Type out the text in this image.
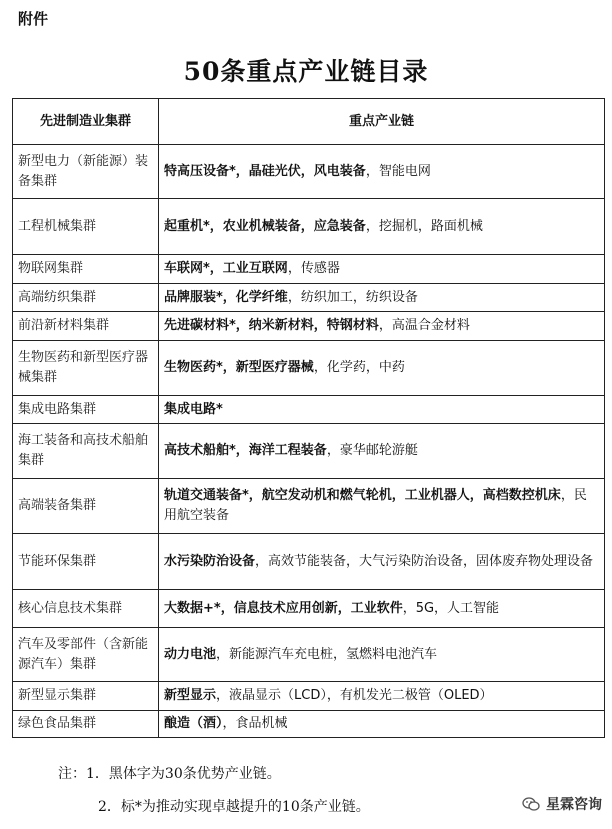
附件
50条重点产业链目录
先进制造业集群	重点产业链
新型电力（新能源）装备集群	特高压设备*，晶硅光伏，风电装备，智能电网
工程机械集群	起重机*，农业机械装备，应急装备，挖掘机，路面机械
物联网集群	车联网*，工业互联网，传感器
高端纺织集群	品牌服装*，化学纤维，纺织加工，纺织设备
前沿新材料集群	先进碳材料*，纳米新材料，特钢材料，高温合金材料
生物医药和新型医疗器械集群	生物医药*，新型医疗器械，化学药，中药
集成电路集群	集成电路*
海工装备和高技术船舶集群	高技术船舶*，海洋工程装备，豪华邮轮游艇
高端装备集群	轨道交通装备*，航空发动机和燃气轮机，工业机器人，高档数控机床，民用航空装备
节能环保集群	水污染防治设备，高效节能装备，大气污染防治设备，固体废弃物处理设备
核心信息技术集群	大数据+*，信息技术应用创新，工业软件，5G，人工智能
汽车及零部件（含新能源汽车）集群	动力电池，新能源汽车充电桩，氢燃料电池汽车
新型显示集群	新型显示，液晶显示（LCD），有机发光二极管（OLED）
绿色食品集群	酿造（酒），食品机械
注：1．黑体字为30条优势产业链。
2．标*为推动实现卓越提升的10条产业链。	星霖咨询
